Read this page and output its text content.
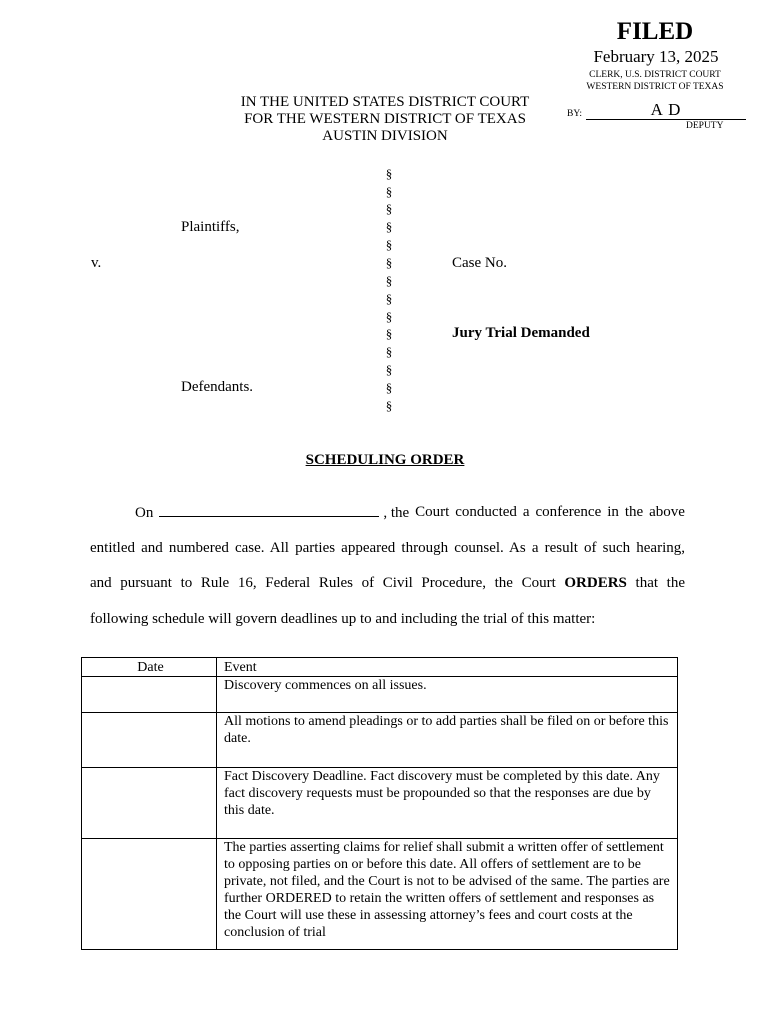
FILED
February 13, 2025
CLERK, U.S. DISTRICT COURT
WESTERN DISTRICT OF TEXAS
BY:	A D
DEPUTY
IN THE UNITED STATES DISTRICT COURT
FOR THE WESTERN DISTRICT OF TEXAS
AUSTIN DIVISION
§
§
§
§
§
§
§
§
§
§
§
§
§
§
Plaintiffs,
v.	Case No.
Jury Trial Demanded
Defendants.
SCHEDULING ORDER
On	, the Court conducted a conference in the above
entitled and numbered case. All parties appeared through counsel. As a result of such hearing,
and pursuant to Rule 16, Federal Rules of Civil Procedure, the Court ORDERS that the
following schedule will govern deadlines up to and including the trial of this matter:
Date	Event
	Discovery commences on all issues.
	All motions to amend pleadings or to add parties shall be filed on or before this date.
	Fact Discovery Deadline. Fact discovery must be completed by this date. Any fact discovery requests must be propounded so that the responses are due by this date.
	The parties asserting claims for relief shall submit a written offer of settlement to opposing parties on or before this date. All offers of settlement are to be private, not filed, and the Court is not to be advised of the same. The parties are further ORDERED to retain the written offers of settlement and responses as the Court will use these in assessing attorney’s fees and court costs at the conclusion of trial
